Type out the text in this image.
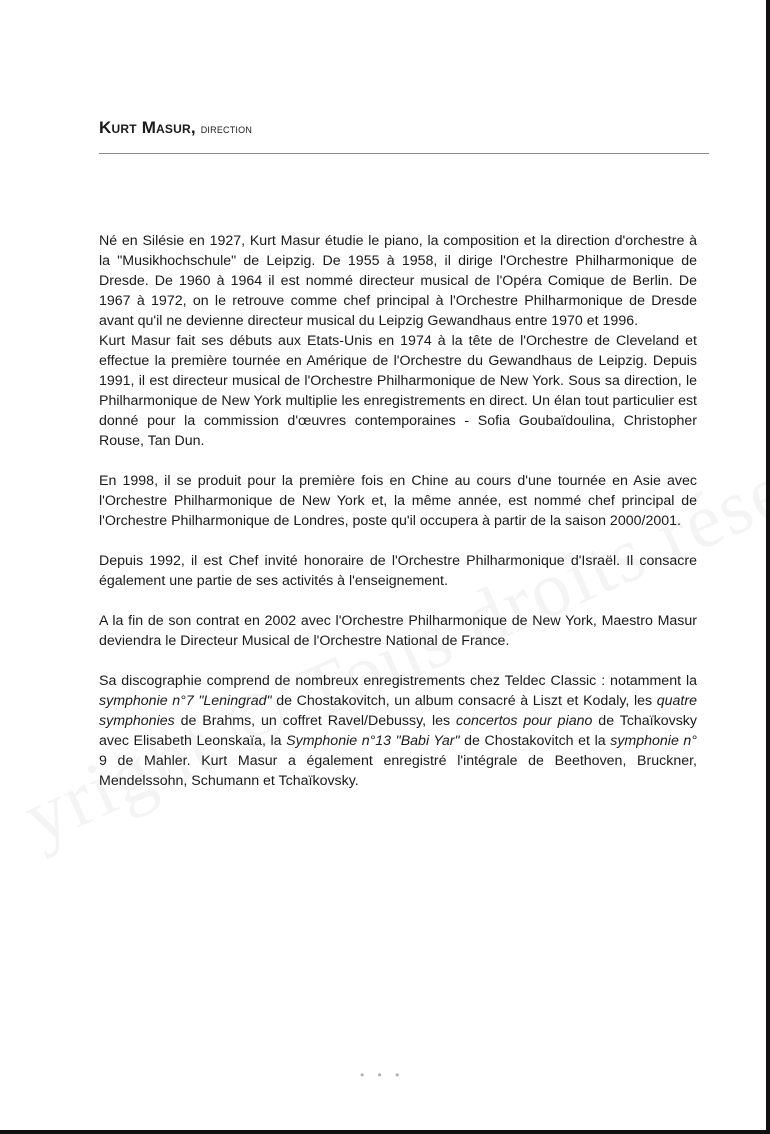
Kurt Masur, direction

Né en Silésie en 1927, Kurt Masur étudie le piano, la composition et la direction d'orchestre à la "Musikhochschule" de Leipzig. De 1955 à 1958, il dirige l'Orchestre Philharmonique de Dresde. De 1960 à 1964 il est nommé directeur musical de l'Opéra Comique de Berlin. De 1967 à 1972, on le retrouve comme chef principal à l'Orchestre Philharmonique de Dresde avant qu'il ne devienne directeur musical du Leipzig Gewandhaus entre 1970 et 1996.

Kurt Masur fait ses débuts aux Etats-Unis en 1974 à la tête de l'Orchestre de Cleveland et effectue la première tournée en Amérique de l'Orchestre du Gewandhaus de Leipzig. Depuis 1991, il est directeur musical de l'Orchestre Philharmonique de New York. Sous sa direction, le Philharmonique de New York multiplie les enregistrements en direct. Un élan tout particulier est donné pour la commission d'œuvres contemporaines - Sofia Goubaïdoulina, Christopher Rouse, Tan Dun.

En 1998, il se produit pour la première fois en Chine au cours d'une tournée en Asie avec l'Orchestre Philharmonique de New York et, la même année, est nommé chef principal de l'Orchestre Philharmonique de Londres, poste qu'il occupera à partir de la saison 2000/2001.

Depuis 1992, il est Chef invité honoraire de l'Orchestre Philharmonique d'Israël. Il consacre également une partie de ses activités à l'enseignement.

A la fin de son contrat en 2002 avec l'Orchestre Philharmonique de New York, Maestro Masur deviendra le Directeur Musical de l'Orchestre National de France.

Sa discographie comprend de nombreux enregistrements chez Teldec Classic : notamment la symphonie n°7 "Leningrad" de Chostakovitch, un album consacré à Liszt et Kodaly, les quatre symphonies de Brahms, un coffret Ravel/Debussy, les concertos pour piano de Tchaïkovsky avec Elisabeth Leonskaïa, la Symphonie n°13 "Babi Yar" de Chostakovitch et la symphonie n° 9 de Mahler. Kurt Masur a également enregistré l'intégrale de Beethoven, Bruckner, Mendelssohn, Schumann et Tchaïkovsky.

• • •
